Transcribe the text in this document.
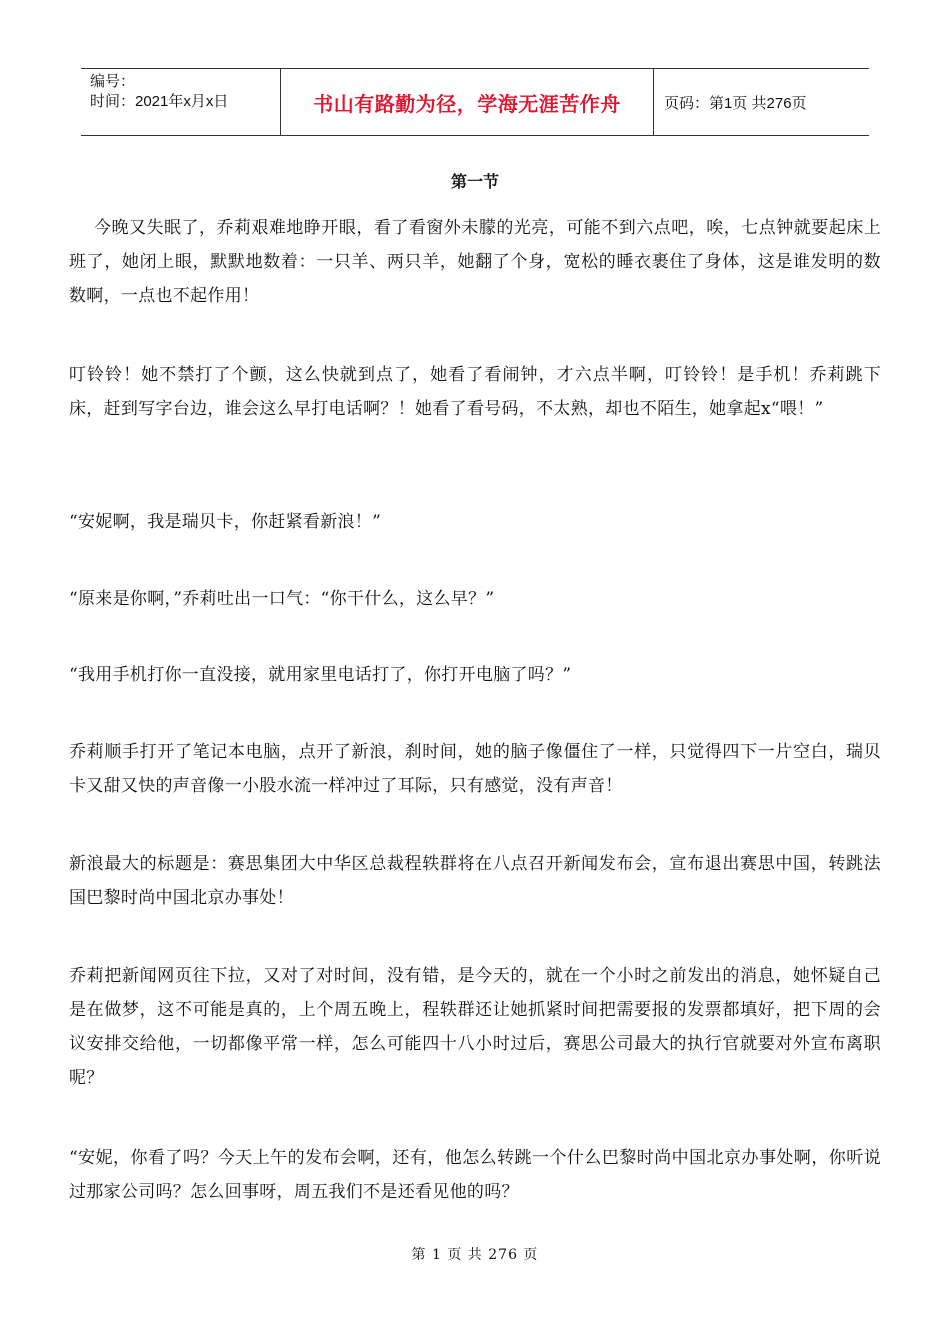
编号：
时间：2021年x月x日	书山有路勤为径，学海无涯苦作舟	页码：第1页 共276页
第一节

今晚又失眠了，乔莉艰难地睁开眼，看了看窗外未朦的光亮，可能不到六点吧，唉，七点钟就要起床上班了，她闭上眼，默默地数着：一只羊、两只羊，她翻了个身，宽松的睡衣裹住了身体，这是谁发明的数数啊，一点也不起作用！

叮铃铃！她不禁打了个颤，这么快就到点了，她看了看闹钟，才六点半啊，叮铃铃！是手机！乔莉跳下床，赶到写字台边，谁会这么早打电话啊？！她看了看号码，不太熟，却也不陌生，她拿起x“喂！”

“安妮啊，我是瑞贝卡，你赶紧看新浪！”

“原来是你啊，”乔莉吐出一口气：“你干什么，这么早？”

“我用手机打你一直没接，就用家里电话打了，你打开电脑了吗？”

乔莉顺手打开了笔记本电脑，点开了新浪，刹时间，她的脑子像僵住了一样，只觉得四下一片空白，瑞贝卡又甜又快的声音像一小股水流一样冲过了耳际，只有感觉，没有声音！

新浪最大的标题是：赛思集团大中华区总裁程轶群将在八点召开新闻发布会，宣布退出赛思中国，转跳法国巴黎时尚中国北京办事处！

乔莉把新闻网页往下拉，又对了对时间，没有错，是今天的，就在一个小时之前发出的消息，她怀疑自己是在做梦，这不可能是真的，上个周五晚上，程轶群还让她抓紧时间把需要报的发票都填好，把下周的会议安排交给他，一切都像平常一样，怎么可能四十八小时过后，赛思公司最大的执行官就要对外宣布离职呢？

“安妮，你看了吗？今天上午的发布会啊，还有，他怎么转跳一个什么巴黎时尚中国北京办事处啊，你听说过那家公司吗？怎么回事呀，周五我们不是还看见他的吗？

第 1 页 共 276 页
